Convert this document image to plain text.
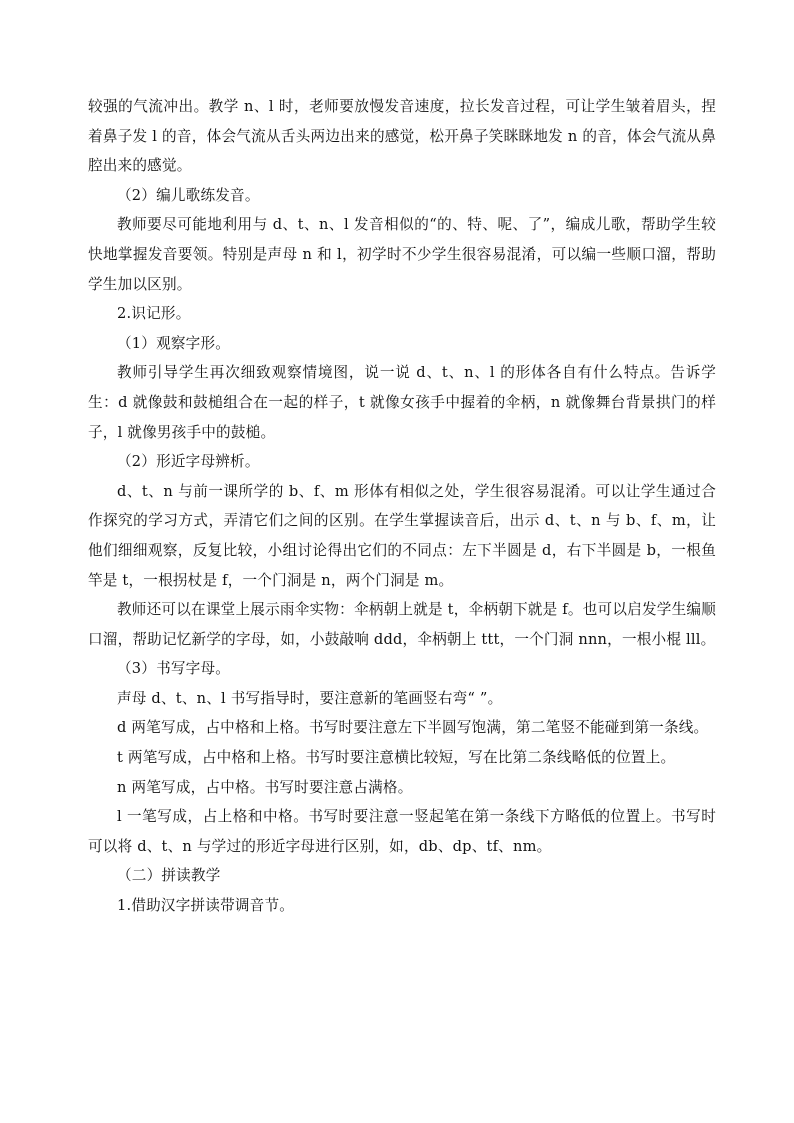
较强的气流冲出。教学 n、l 时，老师要放慢发音速度，拉长发音过程，可让学生皱着眉头，捏着鼻子发 l 的音，体会气流从舌头两边出来的感觉，松开鼻子笑眯眯地发 n 的音，体会气流从鼻腔出来的感觉。

（2）编儿歌练发音。

教师要尽可能地利用与 d、t、n、l 发音相似的“的、特、呢、了”，编成儿歌，帮助学生较快地掌握发音要领。特别是声母 n 和 l，初学时不少学生很容易混淆，可以编一些顺口溜，帮助学生加以区别。

2.识记形。

（1）观察字形。

教师引导学生再次细致观察情境图，说一说 d、t、n、l 的形体各自有什么特点。告诉学生：d 就像鼓和鼓槌组合在一起的样子，t 就像女孩手中握着的伞柄，n 就像舞台背景拱门的样子，l 就像男孩手中的鼓槌。

（2）形近字母辨析。

d、t、n 与前一课所学的 b、f、m 形体有相似之处，学生很容易混淆。可以让学生通过合作探究的学习方式，弄清它们之间的区别。在学生掌握读音后，出示 d、t、n 与 b、f、m，让他们细细观察，反复比较，小组讨论得出它们的不同点：左下半圆是 d，右下半圆是 b，一根鱼竿是 t，一根拐杖是 f，一个门洞是 n，两个门洞是 m。

教师还可以在课堂上展示雨伞实物：伞柄朝上就是 t，伞柄朝下就是 f。也可以启发学生编顺口溜，帮助记忆新学的字母，如，小鼓敲响 ddd，伞柄朝上 ttt，一个门洞 nnn，一根小棍 lll。

（3）书写字母。

声母 d、t、n、l 书写指导时，要注意新的笔画竖右弯“ ”。

d 两笔写成，占中格和上格。书写时要注意左下半圆写饱满，第二笔竖不能碰到第一条线。

t 两笔写成，占中格和上格。书写时要注意横比较短，写在比第二条线略低的位置上。

n 两笔写成，占中格。书写时要注意占满格。

l 一笔写成，占上格和中格。书写时要注意一竖起笔在第一条线下方略低的位置上。书写时可以将 d、t、n 与学过的形近字母进行区别，如，db、dp、tf、nm。

（二）拼读教学

1.借助汉字拼读带调音节。
